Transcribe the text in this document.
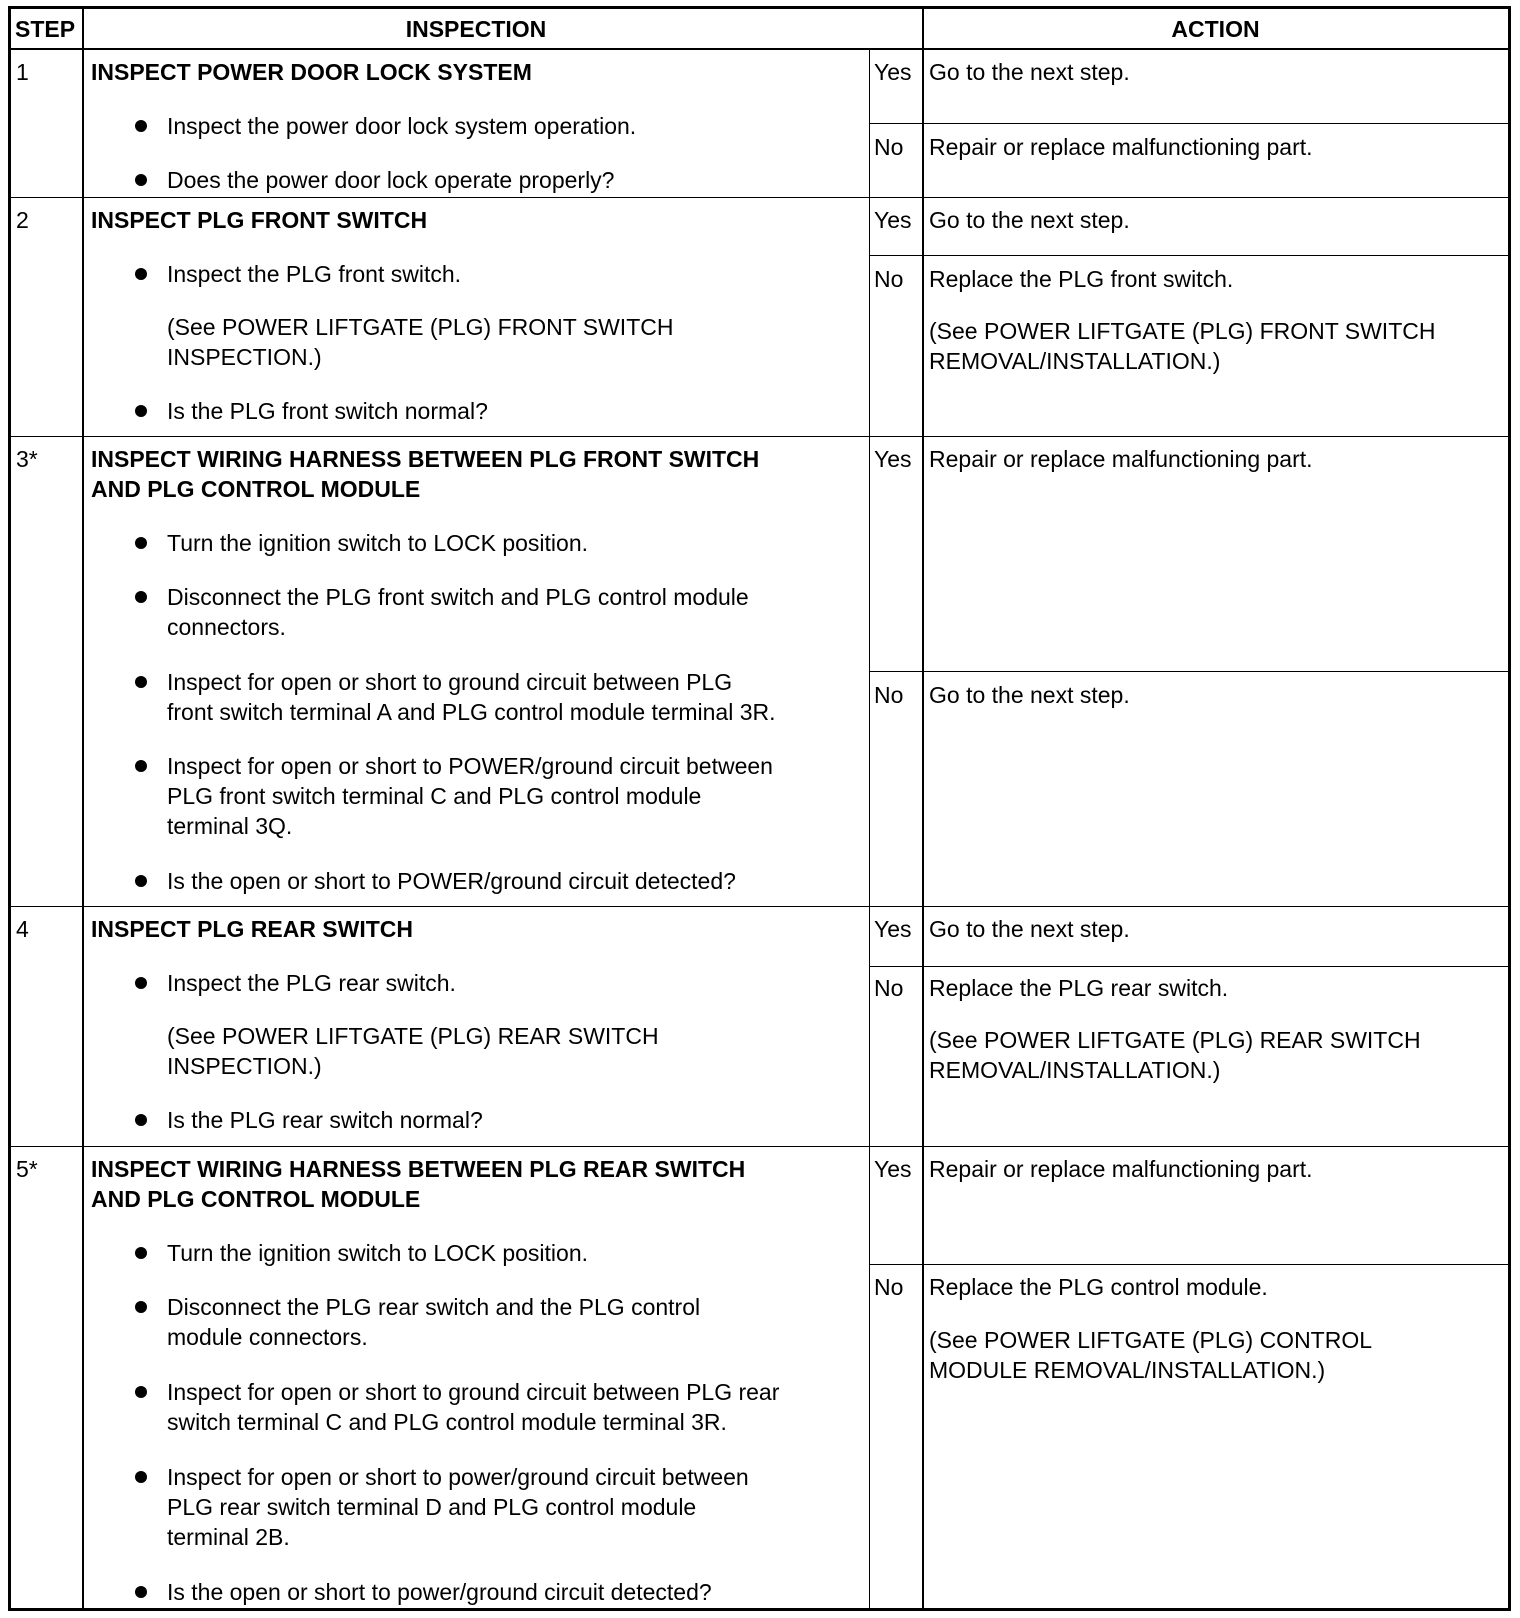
STEP	INSPECTION	ACTION
1	INSPECT POWER DOOR LOCK SYSTEM
Inspect the power door lock system operation.
Does the power door lock operate properly?
Yes Go to the next step.
No Repair or replace malfunctioning part.
2	INSPECT PLG FRONT SWITCH
Inspect the PLG front switch.
(See POWER LIFTGATE (PLG) FRONT SWITCH
INSPECTION.)
Is the PLG front switch normal?
Yes Go to the next step.
No Replace the PLG front switch.
(See POWER LIFTGATE (PLG) FRONT SWITCH
REMOVAL/INSTALLATION.)
3* INSPECT WIRING HARNESS BETWEEN PLG FRONT SWITCH
AND PLG CONTROL MODULE
Turn the ignition switch to LOCK position.
Disconnect the PLG front switch and PLG control module
connectors.
Inspect for open or short to ground circuit between PLG
front switch terminal A and PLG control module terminal 3R.
Inspect for open or short to POWER/ground circuit between
PLG front switch terminal C and PLG control module
terminal 3Q.
Is the open or short to POWER/ground circuit detected?
Yes Repair or replace malfunctioning part.
No Go to the next step.
4	INSPECT PLG REAR SWITCH
Inspect the PLG rear switch.
(See POWER LIFTGATE (PLG) REAR SWITCH
INSPECTION.)
Is the PLG rear switch normal?
Yes Go to the next step.
No Replace the PLG rear switch.
(See POWER LIFTGATE (PLG) REAR SWITCH
REMOVAL/INSTALLATION.)
5* INSPECT WIRING HARNESS BETWEEN PLG REAR SWITCH
AND PLG CONTROL MODULE
Turn the ignition switch to LOCK position.
Disconnect the PLG rear switch and the PLG control
module connectors.
Inspect for open or short to ground circuit between PLG rear
switch terminal C and PLG control module terminal 3R.
Inspect for open or short to power/ground circuit between
PLG rear switch terminal D and PLG control module
terminal 2B.
Is the open or short to power/ground circuit detected?
Yes Repair or replace malfunctioning part.
No Replace the PLG control module.
(See POWER LIFTGATE (PLG) CONTROL
MODULE REMOVAL/INSTALLATION.)
